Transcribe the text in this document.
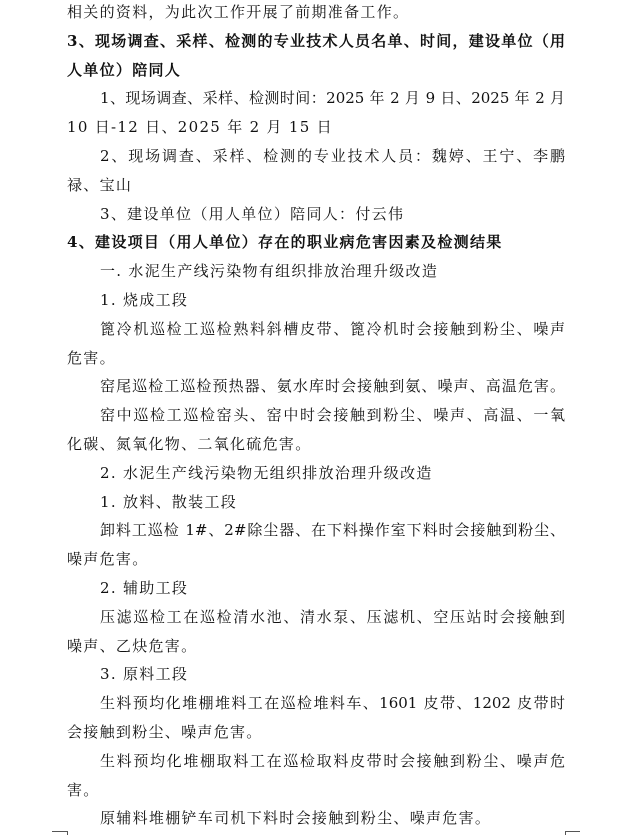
相关的资料，为此次工作开展了前期准备工作。
3、现场调查、采样、检测的专业技术人员名单、时间，建设单位（用
人单位）陪同人
1、现场调查、采样、检测时间：2025 年 2 月 9 日、2025 年 2 月
10 日-12 日、2025 年 2 月 15 日
2、现场调查、采样、检测的专业技术人员：魏婷、王宁、李鹏
禄、宝山
3、建设单位（用人单位）陪同人：付云伟
4、建设项目（用人单位）存在的职业病危害因素及检测结果
一. 水泥生产线污染物有组织排放治理升级改造
1. 烧成工段
篦冷机巡检工巡检熟料斜槽皮带、篦冷机时会接触到粉尘、噪声
危害。
窑尾巡检工巡检预热器、氨水库时会接触到氨、噪声、高温危害。
窑中巡检工巡检窑头、窑中时会接触到粉尘、噪声、高温、一氧
化碳、氮氧化物、二氧化硫危害。
2. 水泥生产线污染物无组织排放治理升级改造
1. 放料、散装工段
卸料工巡检 1#、2#除尘器、在下料操作室下料时会接触到粉尘、
噪声危害。
2. 辅助工段
压滤巡检工在巡检清水池、清水泵、压滤机、空压站时会接触到
噪声、乙炔危害。
3. 原料工段
生料预均化堆棚堆料工在巡检堆料车、1601 皮带、1202 皮带时
会接触到粉尘、噪声危害。
生料预均化堆棚取料工在巡检取料皮带时会接触到粉尘、噪声危
害。
原辅料堆棚铲车司机下料时会接触到粉尘、噪声危害。
